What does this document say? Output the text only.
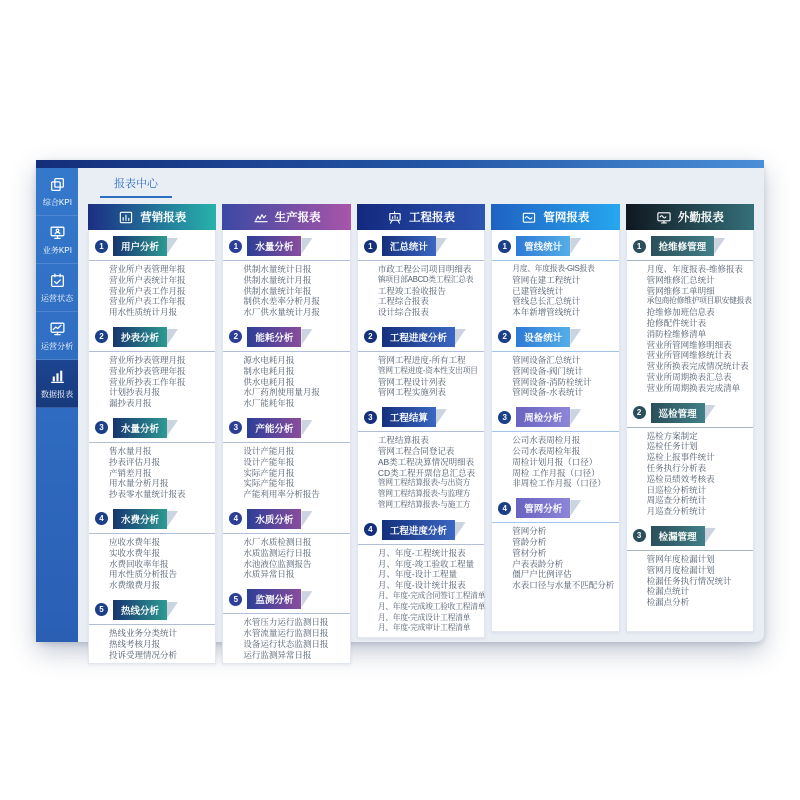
综合KPI
业务KPI
运营状态
运营分析
数据报表
报表中心
营销报表
1	用户分析
营业所户表管理年报
营业所户表统计年报
营业所户表工作月报
营业所户表工作年报
用水性质统计月报
2	抄表分析
营业所抄表管理月报
营业所抄表管理年报
营业所抄表工作年报
计划抄表月报
漏抄表月报
3	水量分析
售水量月报
抄表评估月报
产销差月报
用水量分析月报
抄表零水量统计报表
4	水费分析
应收水费年报
实收水费年报
水费回收率年报
用水性质分析报告
水费缴费月报
5	热线分析
热线业务分类统计
热线考核月报
投诉受理情况分析
生产报表
1	水量分析
供制水量统计日报
供制水量统计月报
供制水量统计年报
制供水差率分析月报
水厂供水量统计月报
2	能耗分析
源水电耗月报
制水电耗月报
供水电耗月报
水厂药剂使用量月报
水厂能耗年报
3	产能分析
设计产能月报
设计产能年报
实际产能月报
实际产能年报
产能利用率分析报告
4	水质分析
水厂水质检测日报
水质监测运行日报
水池液位监测报告
水质异常日报
5	监测分析
水管压力运行监测日报
水管流量运行监测日报
设备运行状态监测日报
运行监测异常日报
工程报表
1	汇总统计
市政工程公司项目明细表
镇项目部ABCD类工程汇总表
工程竣工验收报告
工程综合报表
设计综合报表
2	工程进度分析
管网工程进度-所有工程
管网工程进度-资本性支出项目
管网工程设计列表
管网工程实施列表
3	工程结算
工程结算报表
管网工程合同登记表
AB类工程决算情况明细表
CD类工程开票信息汇总表
管网工程结算报表-与出资方
管网工程结算报表-与监理方
管网工程结算报表-与施工方
4	工程进度分析
月、年度-工程统计报表
月、年度-竣工验收工程量
月、年度-设计工程量
月、年度-设计统计报表
月、年度-完成合同签订工程清单
月、年度-完成竣工验收工程清单
月、年度-完成设计工程清单
月、年度-完成审计工程清单
管网报表
1	管线统计
月度、年度报表-GIS报表
管网在建工程统计
已建管线统计
管线总长汇总统计
本年新增管线统计
2	设备统计
管网设备汇总统计
管网设备-阀门统计
管网设备-消防栓统计
管网设备-水表统计
3	周检分析
公司水表周检月报
公司水表周检年报
周检计划月报（口径）
周检 工作月报（口径）
非周检工作月报（口径）
4	管网分析
管网分析
管龄分析
管材分析
户表表龄分析
僵尸户比例评估
水表口径与水量不匹配分析
外勤报表
1	抢维修管理
月度、年度报表-维修报表
管网维修汇总统计
管网维修工单明细
承包商抢修维护项目职安健报表
抢维修加班信息表
抢修配件统计表
消防栓维修清单
营业所管网维修明细表
营业所管网维修统计表
营业所换表完成情况统计表
营业所周期换表汇总表
营业所周期换表完成清单
2	巡检管理
巡检方案制定
巡检任务计划
巡检上报事件统计
任务执行分析表
巡检员绩效考核表
日巡检分析统计
周巡查分析统计
月巡查分析统计
3	检漏管理
管网年度检漏计划
管网月度检漏计划
检漏任务执行情况统计
检漏点统计
检漏点分析
